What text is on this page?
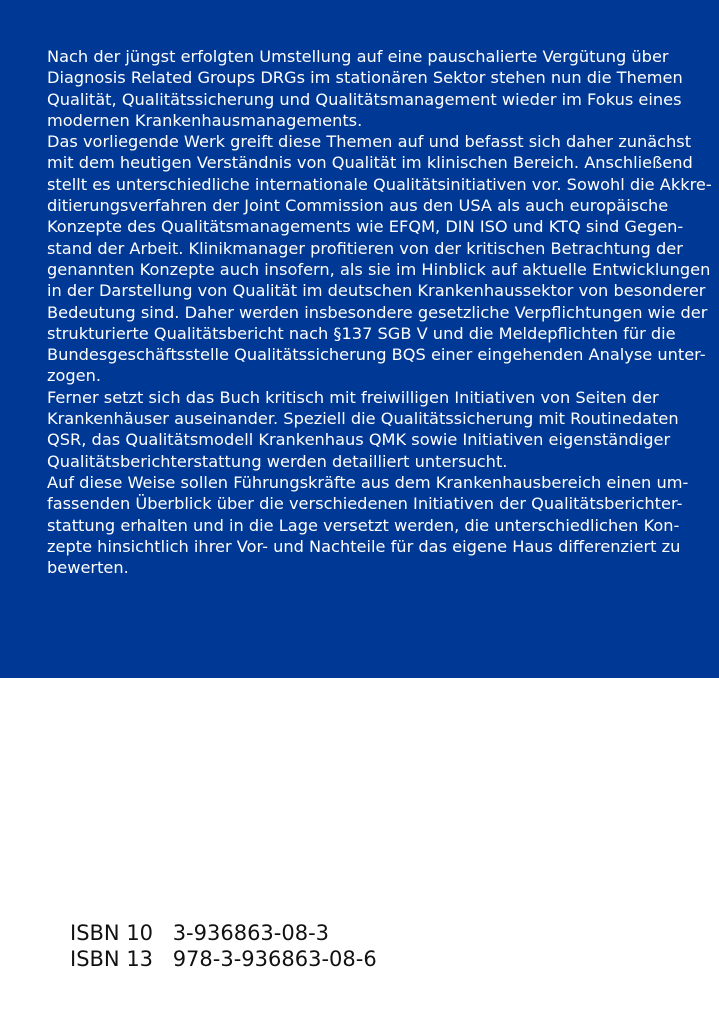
Nach der jüngst erfolgten Umstellung auf eine pauschalierte Vergütung über
Diagnosis Related Groups DRGs im stationären Sektor stehen nun die Themen
Qualität, Qualitätssicherung und Qualitätsmanagement wieder im Fokus eines
modernen Krankenhausmanagements.
Das vorliegende Werk greift diese Themen auf und befasst sich daher zunächst
mit dem heutigen Verständnis von Qualität im klinischen Bereich. Anschließend
stellt es unterschiedliche internationale Qualitätsinitiativen vor. Sowohl die Akkre-
ditierungsverfahren der Joint Commission aus den USA als auch europäische
Konzepte des Qualitätsmanagements wie EFQM, DIN ISO und KTQ sind Gegen-
stand der Arbeit. Klinikmanager profitieren von der kritischen Betrachtung der
genannten Konzepte auch insofern, als sie im Hinblick auf aktuelle Entwicklungen
in der Darstellung von Qualität im deutschen Krankenhaussektor von besonderer
Bedeutung sind. Daher werden insbesondere gesetzliche Verpflichtungen wie der
strukturierte Qualitätsbericht nach §137 SGB V und die Meldepflichten für die
Bundesgeschäftsstelle Qualitätssicherung BQS einer eingehenden Analyse unter-
zogen.
Ferner setzt sich das Buch kritisch mit freiwilligen Initiativen von Seiten der
Krankenhäuser auseinander. Speziell die Qualitätssicherung mit Routinedaten
QSR, das Qualitätsmodell Krankenhaus QMK sowie Initiativen eigenständiger
Qualitätsberichterstattung werden detailliert untersucht.
Auf diese Weise sollen Führungskräfte aus dem Krankenhausbereich einen um-
fassenden Überblick über die verschiedenen Initiativen der Qualitätsberichter-
stattung erhalten und in die Lage versetzt werden, die unterschiedlichen Kon-
zepte hinsichtlich ihrer Vor- und Nachteile für das eigene Haus differenziert zu
bewerten.

ISBN 10 3-936863-08-3
ISBN 13 978-3-936863-08-6
